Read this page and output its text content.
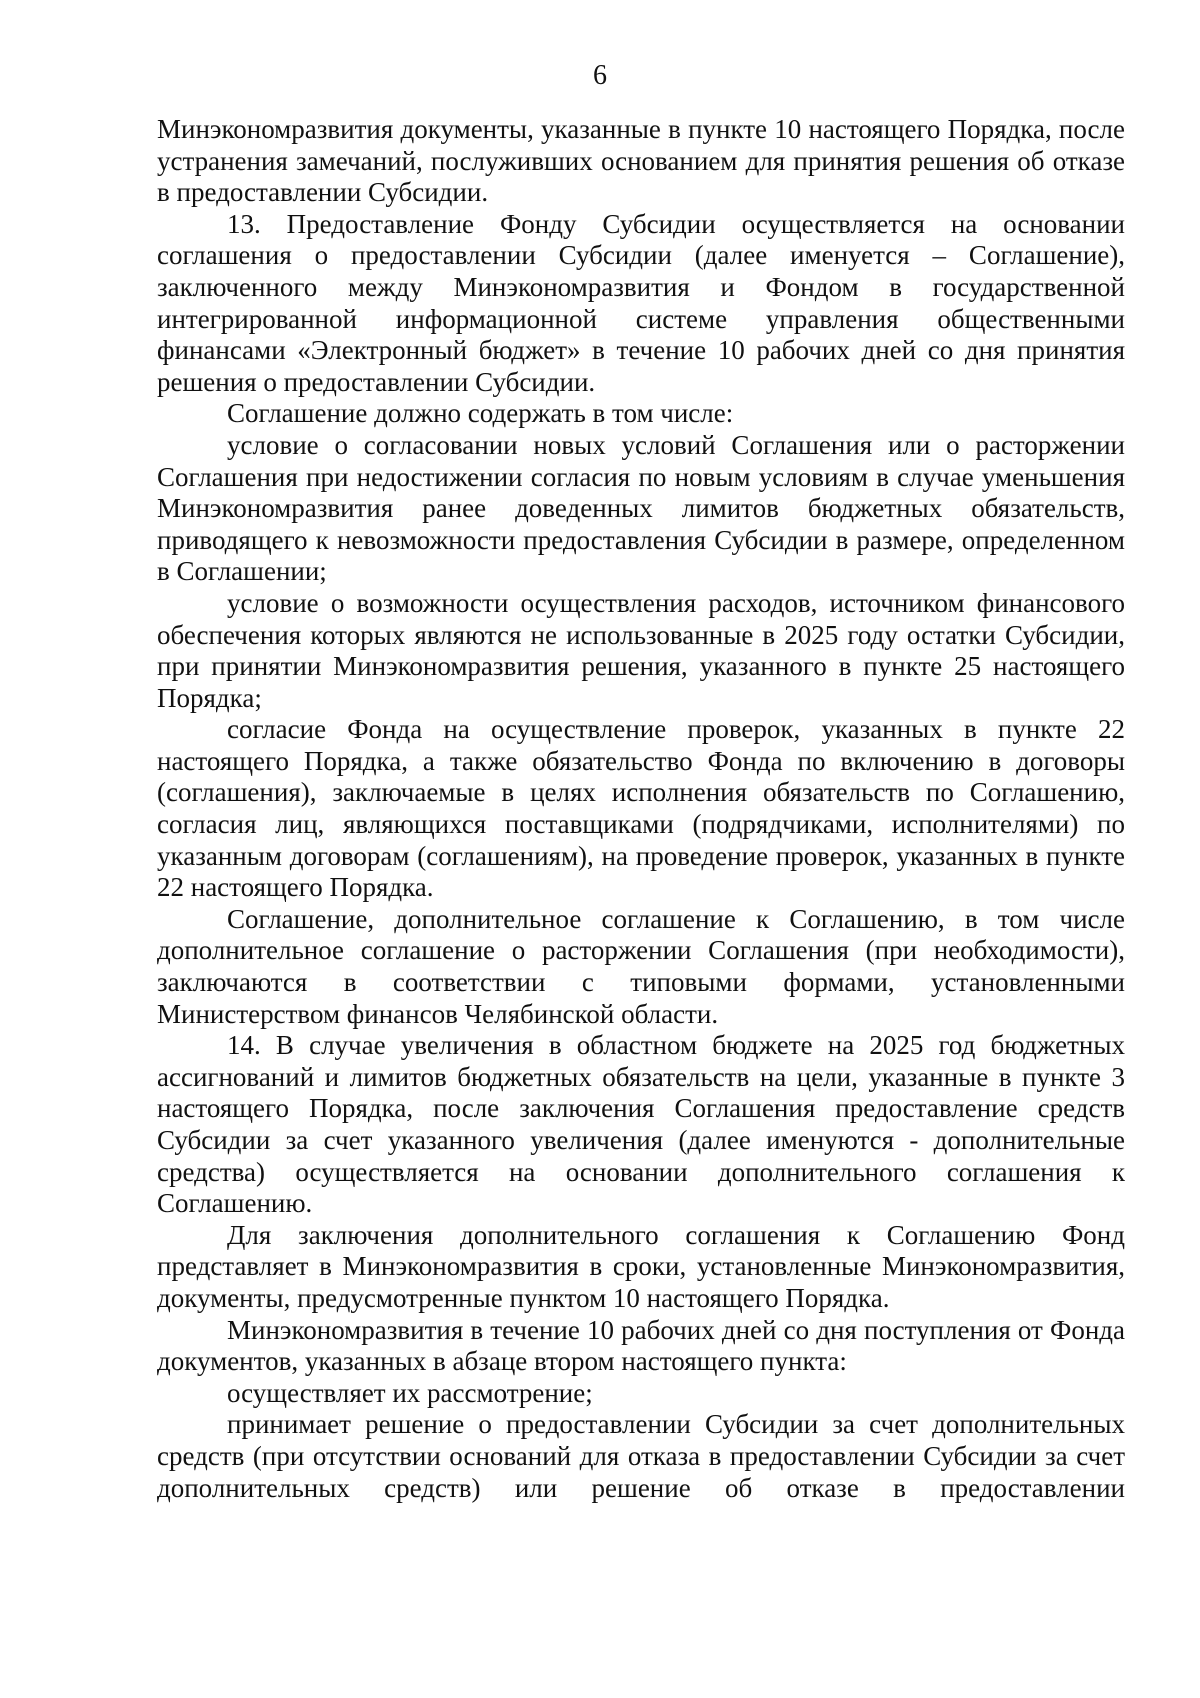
6

Минэкономразвития документы, указанные в пункте 10 настоящего Порядка, после устранения замечаний, послуживших основанием для принятия решения об отказе в предоставлении Субсидии.

13. Предоставление Фонду Субсидии осуществляется на основании соглашения о предоставлении Субсидии (далее именуется – Соглашение), заключенного между Минэкономразвития и Фондом в государственной интегрированной информационной системе управления общественными финансами «Электронный бюджет» в течение 10 рабочих дней со дня принятия решения о предоставлении Субсидии.

Соглашение должно содержать в том числе:

условие о согласовании новых условий Соглашения или о расторжении Соглашения при недостижении согласия по новым условиям в случае уменьшения Минэкономразвития ранее доведенных лимитов бюджетных обязательств, приводящего к невозможности предоставления Субсидии в размере, определенном в Соглашении;

условие о возможности осуществления расходов, источником финансового обеспечения которых являются не использованные в 2025 году остатки Субсидии, при принятии Минэкономразвития решения, указанного в пункте 25 настоящего Порядка;

согласие Фонда на осуществление проверок, указанных в пункте 22 настоящего Порядка, а также обязательство Фонда по включению в договоры (соглашения), заключаемые в целях исполнения обязательств по Соглашению, согласия лиц, являющихся поставщиками (подрядчиками, исполнителями) по указанным договорам (соглашениям), на проведение проверок, указанных в пункте 22 настоящего Порядка.

Соглашение, дополнительное соглашение к Соглашению, в том числе дополнительное соглашение о расторжении Соглашения (при необходимости), заключаются в соответствии с типовыми формами, установленными Министерством финансов Челябинской области.

14. В случае увеличения в областном бюджете на 2025 год бюджетных ассигнований и лимитов бюджетных обязательств на цели, указанные в пункте 3 настоящего Порядка, после заключения Соглашения предоставление средств Субсидии за счет указанного увеличения (далее именуются - дополнительные средства) осуществляется на основании дополнительного соглашения к Соглашению.

Для заключения дополнительного соглашения к Соглашению Фонд представляет в Минэкономразвития в сроки, установленные Минэкономразвития, документы, предусмотренные пунктом 10 настоящего Порядка.

Минэкономразвития в течение 10 рабочих дней со дня поступления от Фонда документов, указанных в абзаце втором настоящего пункта:

осуществляет их рассмотрение;

принимает решение о предоставлении Субсидии за счет дополнительных средств (при отсутствии оснований для отказа в предоставлении Субсидии за счет дополнительных средств) или решение об отказе в предоставлении
